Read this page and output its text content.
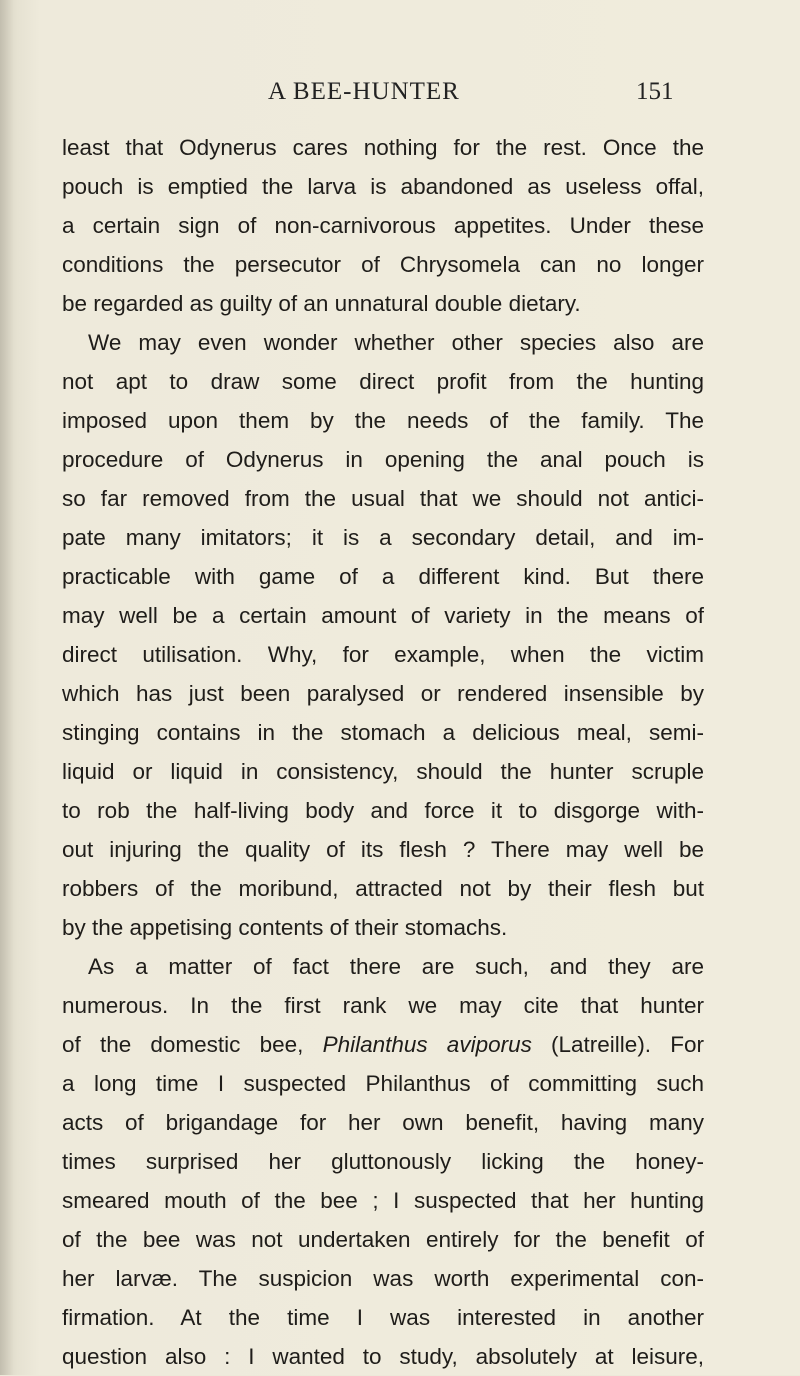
A BEE-HUNTER	151
least that Odynerus cares nothing for the rest. Once the
pouch is emptied the larva is abandoned as useless offal,
a certain sign of non-carnivorous appetites. Under these
conditions the persecutor of Chrysomela can no longer
be regarded as guilty of an unnatural double dietary.
We may even wonder whether other species also are
not apt to draw some direct profit from the hunting
imposed upon them by the needs of the family. The
procedure of Odynerus in opening the anal pouch is
so far removed from the usual that we should not antici-
pate many imitators; it is a secondary detail, and im-
practicable with game of a different kind. But there
may well be a certain amount of variety in the means of
direct utilisation. Why, for example, when the victim
which has just been paralysed or rendered insensible by
stinging contains in the stomach a delicious meal, semi-
liquid or liquid in consistency, should the hunter scruple
to rob the half-living body and force it to disgorge with-
out injuring the quality of its flesh ? There may well be
robbers of the moribund, attracted not by their flesh but
by the appetising contents of their stomachs.
As a matter of fact there are such, and they are
numerous. In the first rank we may cite that hunter
of the domestic bee, Philanthus aviporus (Latreille). For
a long time I suspected Philanthus of committing such
acts of brigandage for her own benefit, having many
times surprised her gluttonously licking the honey-
smeared mouth of the bee ; I suspected that her hunting
of the bee was not undertaken entirely for the benefit of
her larvæ. The suspicion was worth experimental con-
firmation. At the time I was interested in another
question also : I wanted to study, absolutely at leisure,
